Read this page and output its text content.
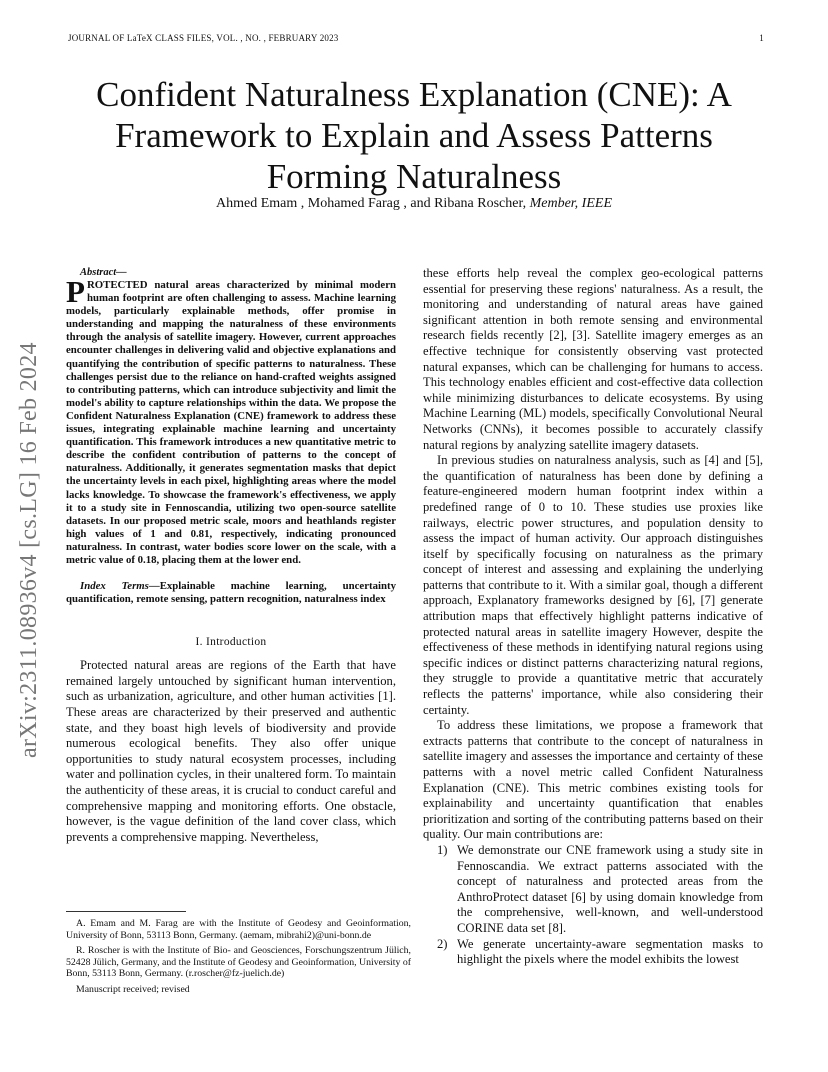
JOURNAL OF LaTeX CLASS FILES, VOL. , NO. , FEBRUARY 2023	1
arXiv:2311.08936v4 [cs.LG] 16 Feb 2024
Confident Naturalness Explanation (CNE): A Framework to Explain and Assess Patterns Forming Naturalness
Ahmed Emam , Mohamed Farag , and Ribana Roscher, Member, IEEE

Abstract—

PROTECTED natural areas characterized by minimal modern human footprint are often challenging to assess. Machine learning models, particularly explainable methods, offer promise in understanding and mapping the naturalness of these environments through the analysis of satellite imagery. However, current approaches encounter challenges in delivering valid and objective explanations and quantifying the contribution of specific patterns to naturalness. These challenges persist due to the reliance on hand-crafted weights assigned to contributing patterns, which can introduce subjectivity and limit the model's ability to capture relationships within the data. We propose the Confident Naturalness Explanation (CNE) framework to address these issues, integrating explainable machine learning and uncertainty quantification. This framework introduces a new quantitative metric to describe the confident contribution of patterns to the concept of naturalness. Additionally, it generates segmentation masks that depict the uncertainty levels in each pixel, highlighting areas where the model lacks knowledge. To showcase the framework's effectiveness, we apply it to a study site in Fennoscandia, utilizing two open-source satellite datasets. In our proposed metric scale, moors and heathlands register high values of 1 and 0.81, respectively, indicating pronounced naturalness. In contrast, water bodies score lower on the scale, with a metric value of 0.18, placing them at the lower end.

Index Terms—Explainable machine learning, uncertainty quantification, remote sensing, pattern recognition, naturalness index

I. Introduction

Protected natural areas are regions of the Earth that have remained largely untouched by significant human intervention, such as urbanization, agriculture, and other human activities [1]. These areas are characterized by their preserved and authentic state, and they boast high levels of biodiversity and provide numerous ecological benefits. They also offer unique opportunities to study natural ecosystem processes, including water and pollination cycles, in their unaltered form. To maintain the authenticity of these areas, it is crucial to conduct careful and comprehensive mapping and monitoring efforts. One obstacle, however, is the vague definition of the land cover class, which prevents a comprehensive mapping. Nevertheless,

these efforts help reveal the complex geo-ecological patterns essential for preserving these regions' naturalness. As a result, the monitoring and understanding of natural areas have gained significant attention in both remote sensing and environmental research fields recently [2], [3]. Satellite imagery emerges as an effective technique for consistently observing vast protected natural expanses, which can be challenging for humans to access. This technology enables efficient and cost-effective data collection while minimizing disturbances to delicate ecosystems. By using Machine Learning (ML) models, specifically Convolutional Neural Networks (CNNs), it becomes possible to accurately classify natural regions by analyzing satellite imagery datasets.

In previous studies on naturalness analysis, such as [4] and [5], the quantification of naturalness has been done by defining a feature-engineered modern human footprint index within a predefined range of 0 to 10. These studies use proxies like railways, electric power structures, and population density to assess the impact of human activity. Our approach distinguishes itself by specifically focusing on naturalness as the primary concept of interest and assessing and explaining the underlying patterns that contribute to it. With a similar goal, though a different approach, Explanatory frameworks designed by [6], [7] generate attribution maps that effectively highlight patterns indicative of protected natural areas in satellite imagery However, despite the effectiveness of these methods in identifying natural regions using specific indices or distinct patterns characterizing natural regions, they struggle to provide a quantitative metric that accurately reflects the patterns' importance, while also considering their certainty.

To address these limitations, we propose a framework that extracts patterns that contribute to the concept of naturalness in satellite imagery and assesses the importance and certainty of these patterns with a novel metric called Confident Naturalness Explanation (CNE). This metric combines existing tools for explainability and uncertainty quantification that enables prioritization and sorting of the contributing patterns based on their quality. Our main contributions are:

1) We demonstrate our CNE framework using a study site in Fennoscandia. We extract patterns associated with the concept of naturalness and protected areas from the AnthroProtect dataset [6] by using domain knowledge from the comprehensive, well-known, and well-understood CORINE data set [8].
2) We generate uncertainty-aware segmentation masks to highlight the pixels where the model exhibits the lowest

A. Emam and M. Farag are with the Institute of Geodesy and Geoinformation, University of Bonn, 53113 Bonn, Germany. (aemam, mibrahi2)@uni-bonn.de

R. Roscher is with the Institute of Bio- and Geosciences, Forschungszentrum Jülich, 52428 Jülich, Germany, and the Institute of Geodesy and Geoinformation, University of Bonn, 53113 Bonn, Germany. (r.roscher@fz-juelich.de)

Manuscript received; revised
